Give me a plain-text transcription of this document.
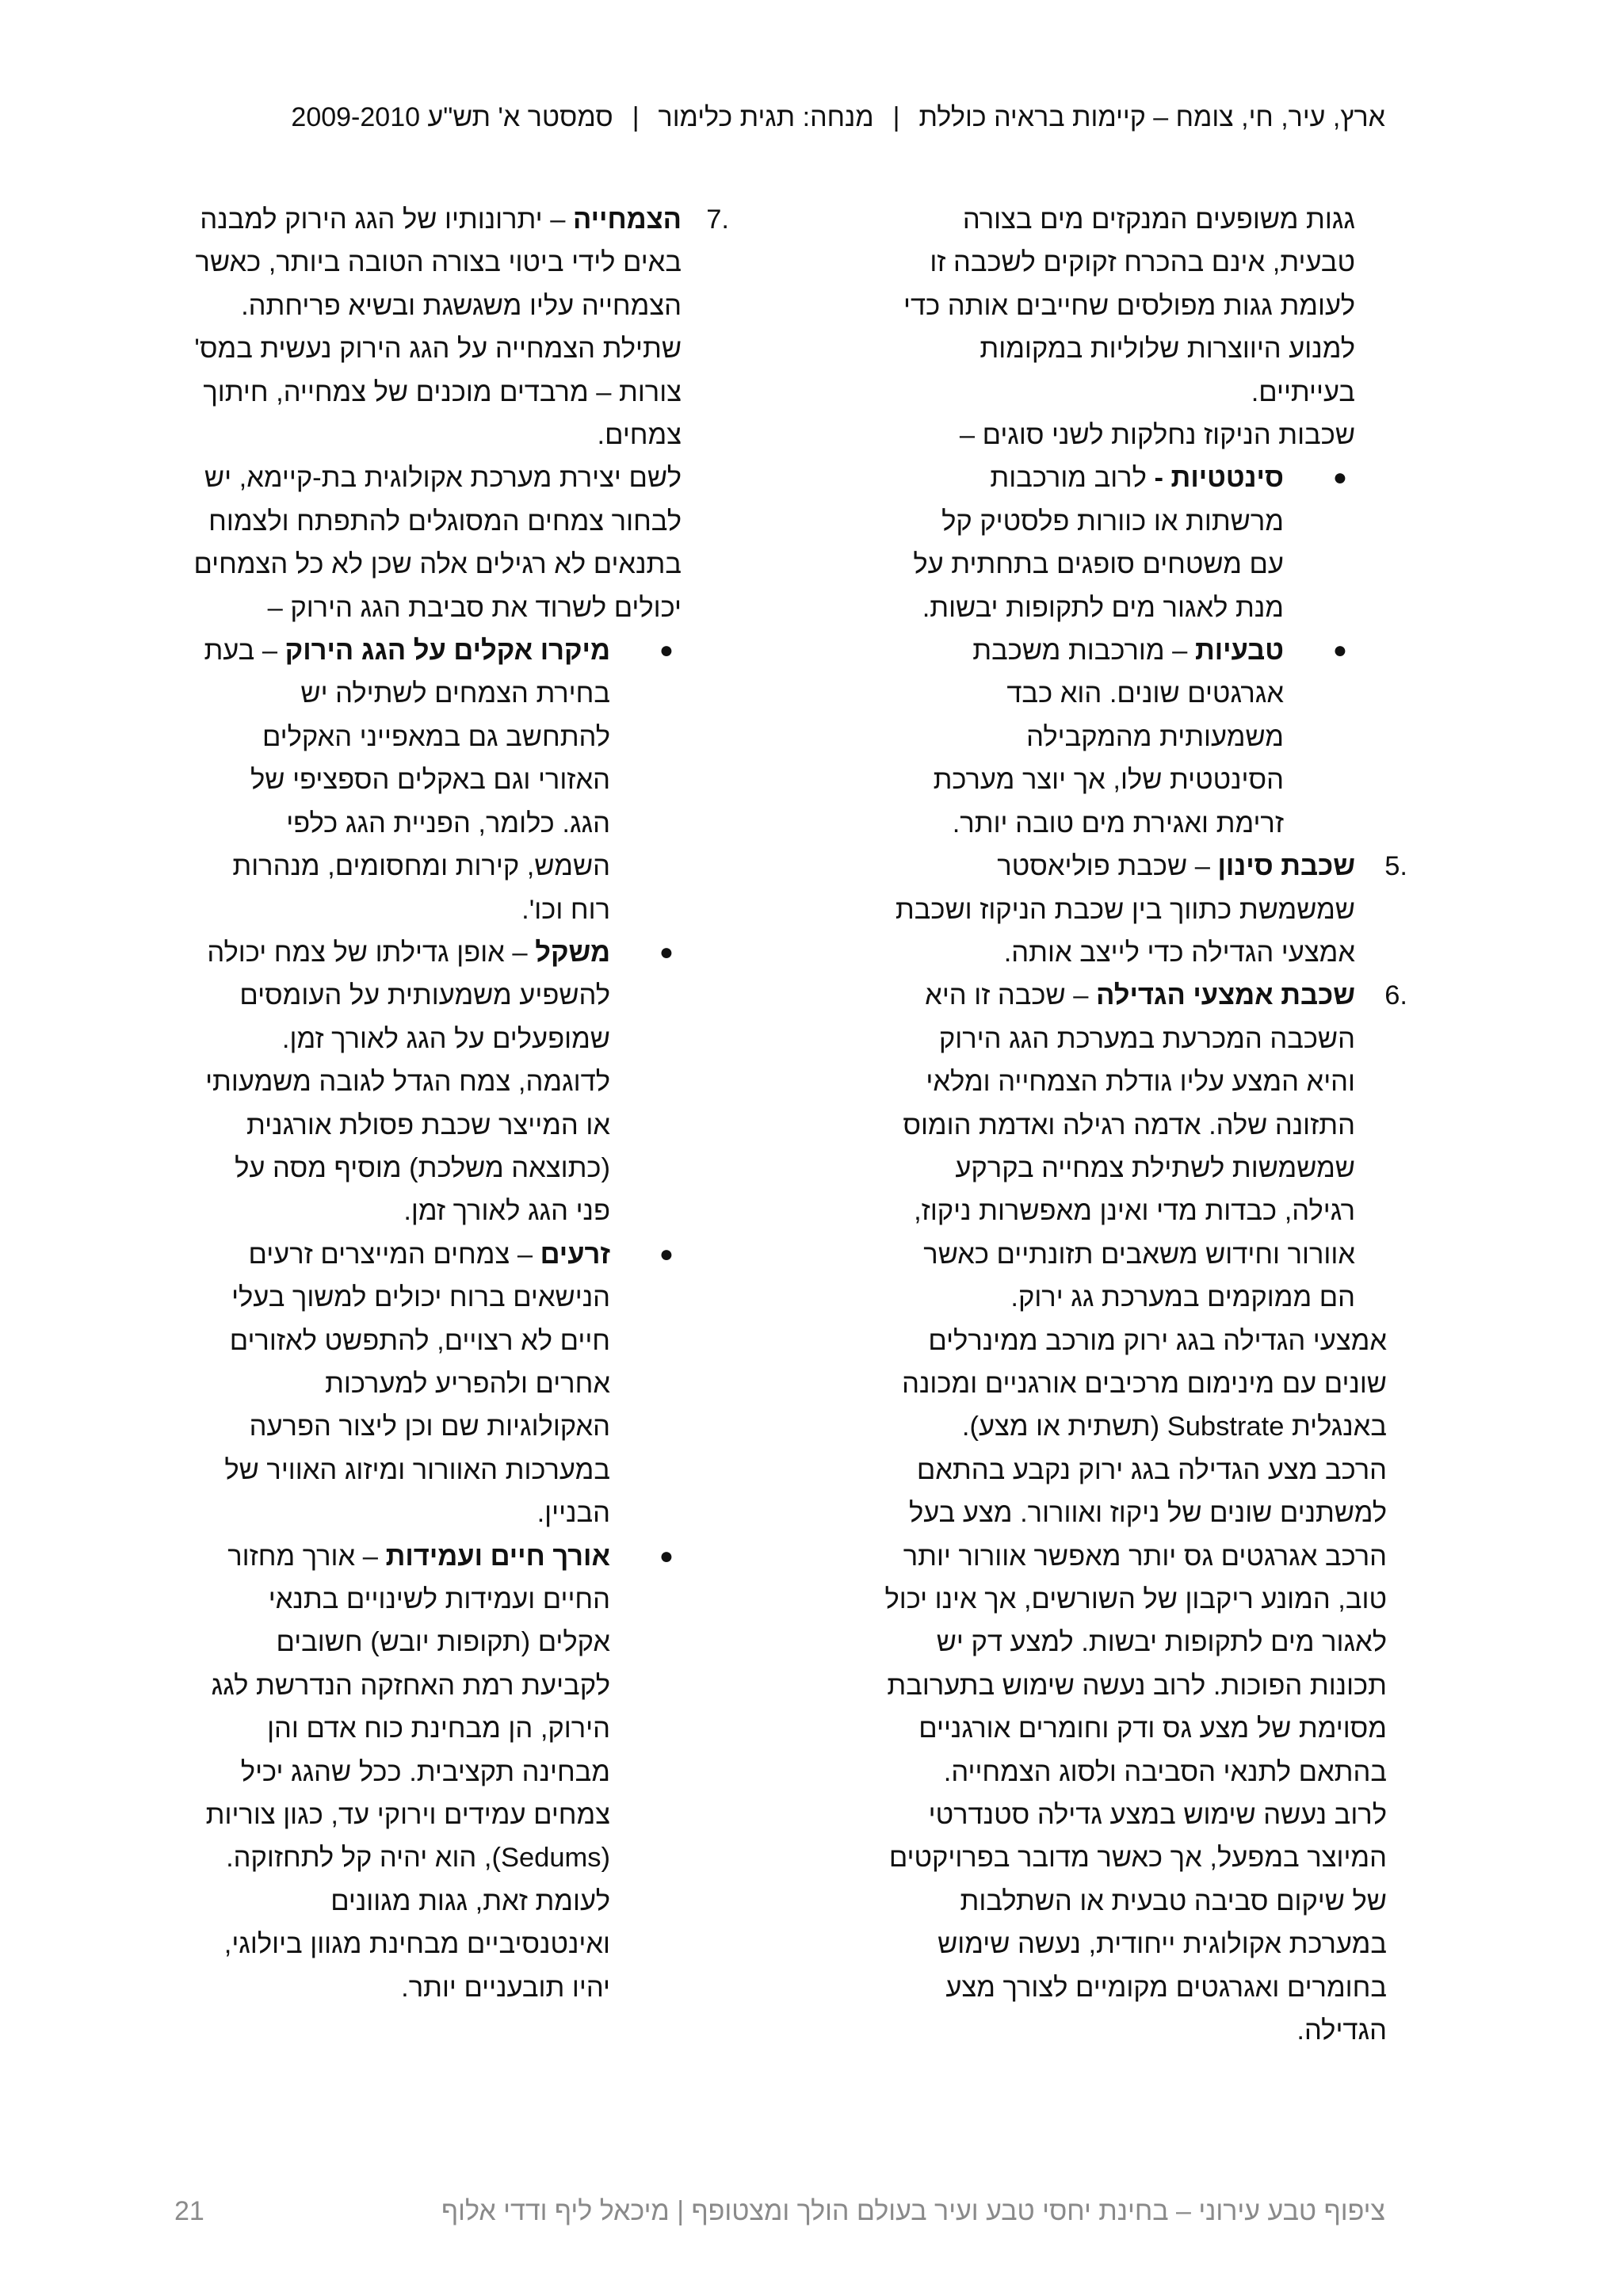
ארץ, עיר, חי, צומח – קיימות בראיה כוללת|מנחה: תגית כלימור|סמסטר א' תש"ע 2009-2010
גגות משופעים המנקזים מים בצורה
טבעית, אינם בהכרח זקוקים לשכבה זו
לעומת גגות מפולסים שחייבים אותה כדי
למנוע היווצרות שלוליות במקומות
בעייתיים.
שכבות הניקוז נחלקות לשני סוגים –
●
סינטטיות - לרוב מורכבות
מרשתות או כוורות פלסטיק קל
עם משטחים סופגים בתחתית על
מנת לאגור מים לתקופות יבשות.
●
טבעיות – מורכבות משכבת
אגרגטים שונים. הוא כבד
משמעותית מהמקבילה
הסינטטית שלו, אך יוצר מערכת
זרימת ואגירת מים טובה יותר.
5.
שכבת סינון – שכבת פוליאסטר
שמשמשת כתווך בין שכבת הניקוז ושכבת
אמצעי הגדילה כדי לייצב אותה.
6.
שכבת אמצעי הגדילה – שכבה זו היא
השכבה המכרעת במערכת הגג הירוק
והיא המצע עליו גודלת הצמחייה ומלאי
התזונה שלה. אדמה רגילה ואדמת הומוס
שמשמשות לשתילת צמחייה בקרקע
רגילה, כבדות מדי ואינן מאפשרות ניקוז,
אוורור וחידוש משאבים תזונתיים כאשר
הם ממוקמים במערכת גג ירוק.
אמצעי הגדילה בגג ירוק מורכב ממינרלים
שונים עם מינימום מרכיבים אורגניים ומכונה
באנגלית Substrate (תשתית או מצע).
הרכב מצע הגדילה בגג ירוק נקבע בהתאם
למשתנים שונים של ניקוז ואוורור. מצע בעל
הרכב אגרגטים גס יותר מאפשר אוורור יותר
טוב, המונע ריקבון של השורשים, אך אינו יכול
לאגור מים לתקופות יבשות. למצע דק יש
תכונות הפוכות. לרוב נעשה שימוש בתערובת
מסוימת של מצע גס ודק וחומרים אורגניים
בהתאם לתנאי הסביבה ולסוג הצמחייה.
לרוב נעשה שימוש במצע גדילה סטנדרטי
המיוצר במפעל, אך כאשר מדובר בפרויקטים
של שיקום סביבה טבעית או השתלבות
במערכת אקולוגית ייחודית, נעשה שימוש
בחומרים ואגרגטים מקומיים לצורך מצע
הגדילה.
7.
הצמחייה – יתרונותיו של הגג הירוק למבנה
באים לידי ביטוי בצורה הטובה ביותר, כאשר
הצמחייה עליו משגשגת ובשיא פריחתה.
שתילת הצמחייה על הגג הירוק נעשית במס'
צורות – מרבדים מוכנים של צמחייה, חיתוך
צמחים.
לשם יצירת מערכת אקולוגית בת-קיימא, יש
לבחור צמחים המסוגלים להתפתח ולצמוח
בתנאים לא רגילים אלה שכן לא כל הצמחים
יכולים לשרוד את סביבת הגג הירוק –
●
מיקרו אקלים על הגג הירוק – בעת
בחירת הצמחים לשתילה יש
להתחשב גם במאפייני האקלים
האזורי וגם באקלים הספציפי של
הגג. כלומר, הפניית הגג כלפי
השמש, קירות ומחסומים, מנהרות
רוח וכו'.
●
משקל – אופן גדילתו של צמח יכולה
להשפיע משמעותית על העומסים
שמופעלים על הגג לאורך זמן.
לדוגמה, צמח הגדל לגובה משמעותי
או המייצר שכבת פסולת אורגנית
(כתוצאה משלכת) מוסיף מסה על
פני הגג לאורך זמן.
●
זרעים – צמחים המייצרים זרעים
הנישאים ברוח יכולים למשוך בעלי
חיים לא רצויים, להתפשט לאזורים
אחרים ולהפריע למערכות
האקולוגיות שם וכן ליצור הפרעה
במערכות האוורור ומיזוג האוויר של
הבניין.
●
אורך חיים ועמידות – אורך מחזור
החיים ועמידות לשינויים בתנאי
אקלים (תקופות יובש) חשובים
לקביעת רמת האחזקה הנדרשת לגג
הירוק, הן מבחינת כוח אדם והן
מבחינה תקציבית. ככל שהגג יכיל
צמחים עמידים וירוקי עד, כגון צוריות
(Sedums), הוא יהיה קל לתחזוקה.
לעומת זאת, גגות מגוונים
ואינטנסיביים מבחינת מגוון ביולוגי,
יהיו תובעניים יותר.
ציפוף טבע עירוני – בחינת יחסי טבע ועיר בעולם הולך ומצטופף | מיכאל ליף ודדי אלוף
21
